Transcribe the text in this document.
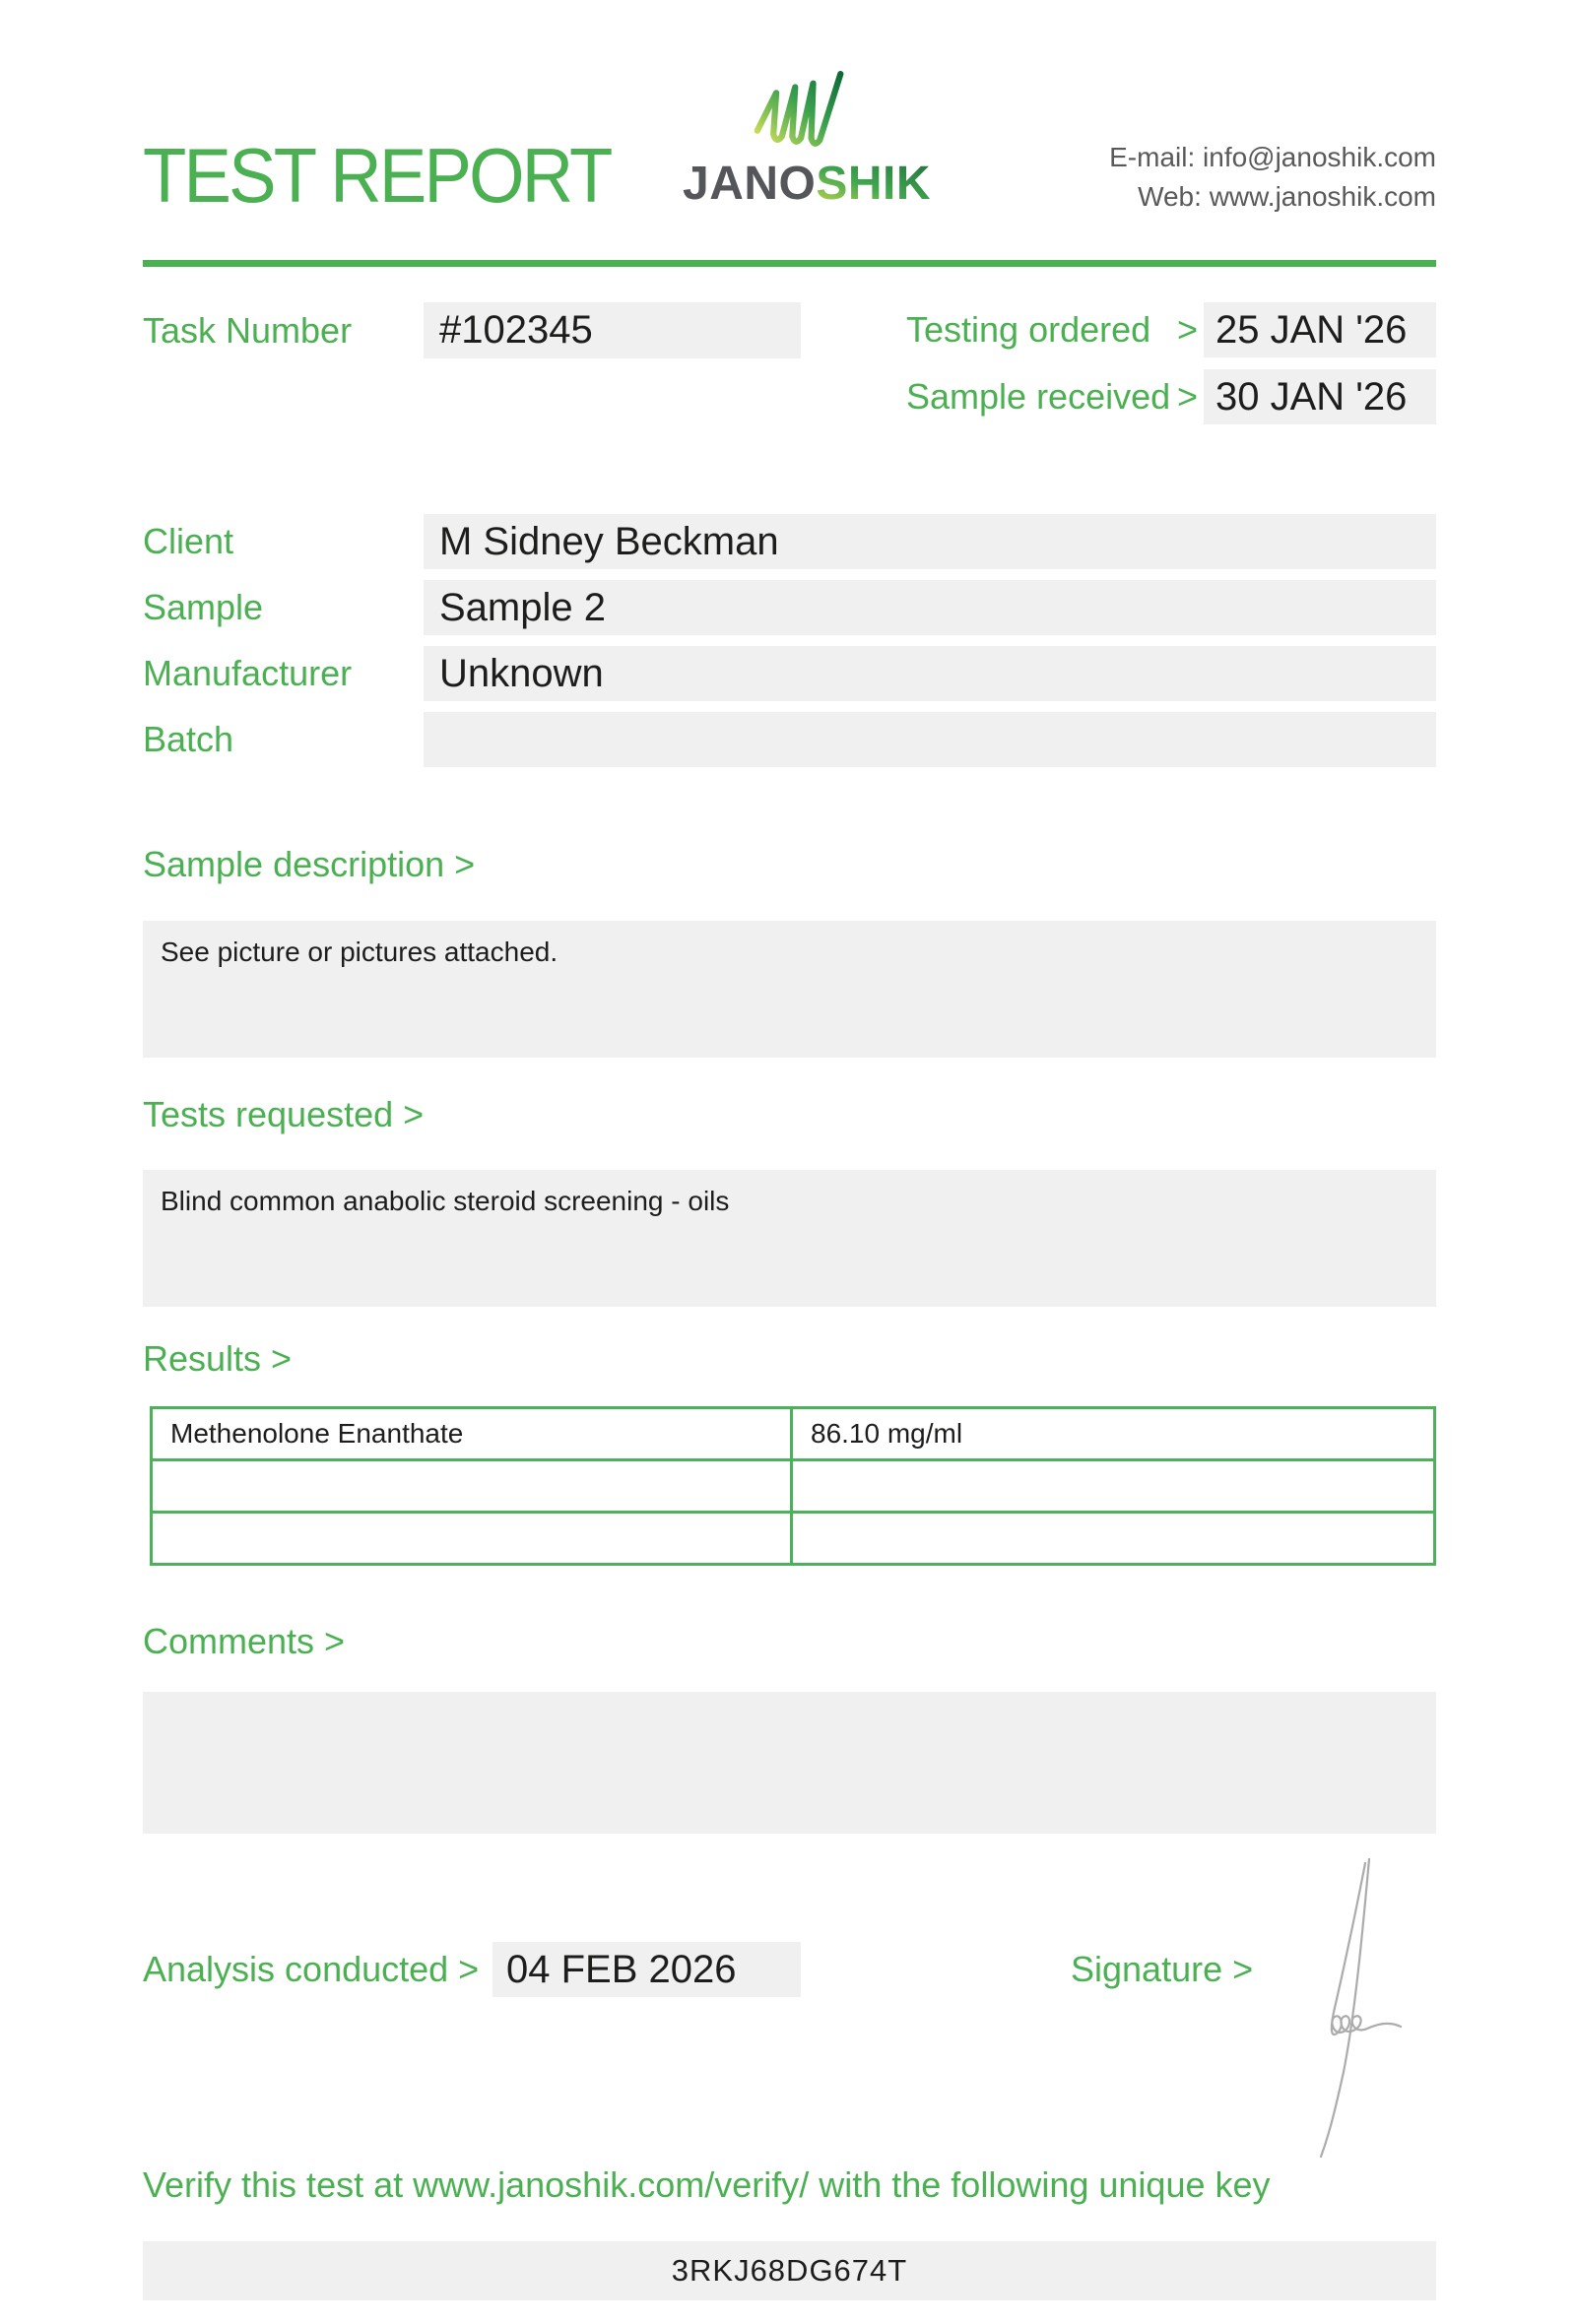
TEST REPORT JANOSHIK
E-mail: info@janoshik.com
Web: www.janoshik.com
Task Number	#102345	Testing ordered > 25 JAN '26
Sample received > 30 JAN '26
Client	M Sidney Beckman
Sample	Sample 2
Manufacturer	Unknown
Batch
Sample description >
See picture or pictures attached.
Tests requested >
Blind common anabolic steroid screening - oils
Results >
Methenolone Enanthate	86.10 mg/ml

Comments >
Analysis conducted > 04 FEB 2026	Signature >
Verify this test at www.janoshik.com/verify/ with the following unique key
3RKJ68DG674T
